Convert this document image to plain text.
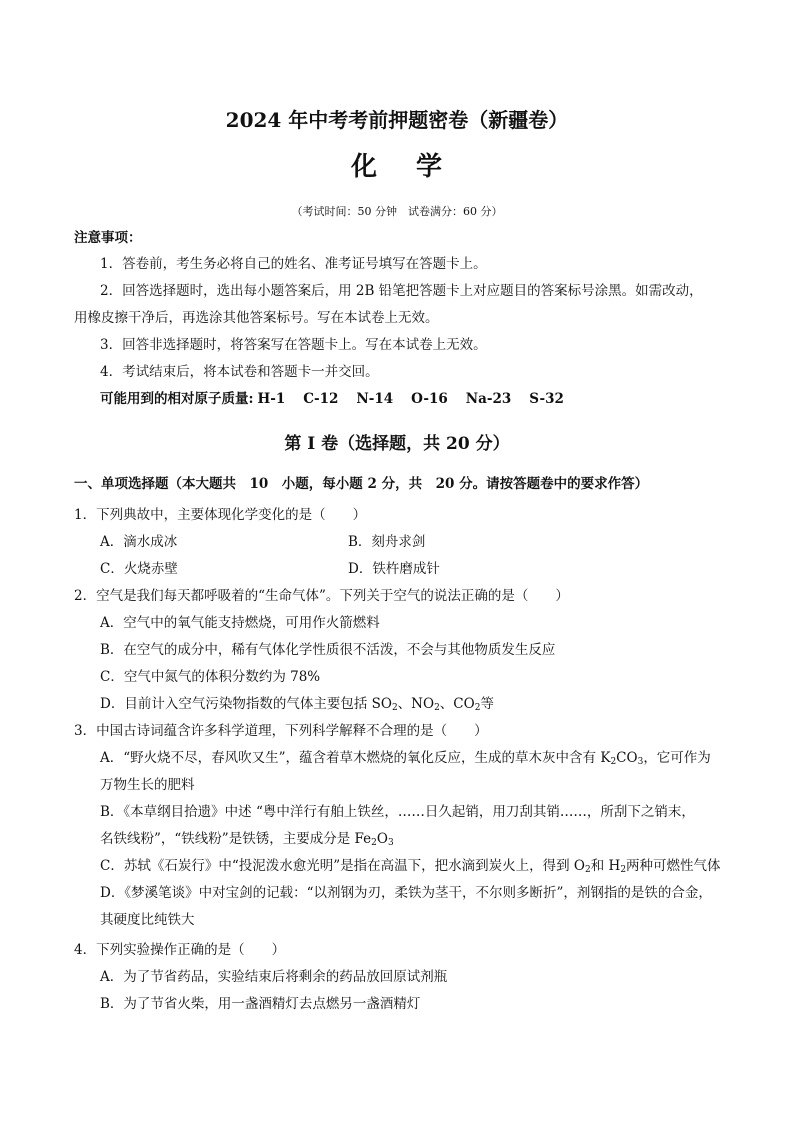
2024 年中考考前押题密卷（新疆卷）
化 学
（考试时间：50 分钟　试卷满分：60 分）
注意事项：
1．答卷前，考生务必将自己的姓名、准考证号填写在答题卡上。
2．回答选择题时，选出每小题答案后，用 2B 铅笔把答题卡上对应题目的答案标号涂黑。如需改动，
用橡皮擦干净后，再选涂其他答案标号。写在本试卷上无效。
3．回答非选择题时，将答案写在答题卡上。写在本试卷上无效。
4．考试结束后，将本试卷和答题卡一并交回。
可能用到的相对原子质量: H-1 C-12 N-14 O-16 Na-23 S-32
第 I 卷（选择题，共 20 分）
一、单项选择题（本大题共　10　小题，每小题 2 分，共　20 分。请按答题卷中的要求作答）
1．下列典故中，主要体现化学变化的是（　　）
A．滴水成冰	B．刻舟求剑
C．火烧赤壁	D．铁杵磨成针
2．空气是我们每天都呼吸着的“生命气体”。下列关于空气的说法正确的是（　　）
A．空气中的氧气能支持燃烧，可用作火箭燃料
B．在空气的成分中，稀有气体化学性质很不活泼，不会与其他物质发生反应
C．空气中氮气的体积分数约为 78%
D．目前计入空气污染物指数的气体主要包括 $SO_2$、$NO_2$、$CO_2$等
3．中国古诗词蕴含许多科学道理，下列科学解释不合理的是（　　）
A．“野火烧不尽，春风吹又生”，蕴含着草木燃烧的氧化反应，生成的草木灰中含有 $K_2CO_3$，它可作为
万物生长的肥料
B．《本草纲目拾遗》中述 “粤中洋行有舶上铁丝，……日久起销，用刀刮其销……，所刮下之销末，
名铁线粉”，“铁线粉”是铁锈，主要成分是 $Fe_2O_3$
C．苏轼《石炭行》中“投泥泼水愈光明”是指在高温下，把水滴到炭火上，得到 $O_2$和 $H_2$两种可燃性气体
D．《梦溪笔谈》中对宝剑的记载：“以剂钢为刃，柔铁为茎干，不尔则多断折”，剂钢指的是铁的合金，
其硬度比纯铁大
4．下列实验操作正确的是（　　）
A．为了节省药品，实验结束后将剩余的药品放回原试剂瓶
B．为了节省火柴，用一盏酒精灯去点燃另一盏酒精灯
